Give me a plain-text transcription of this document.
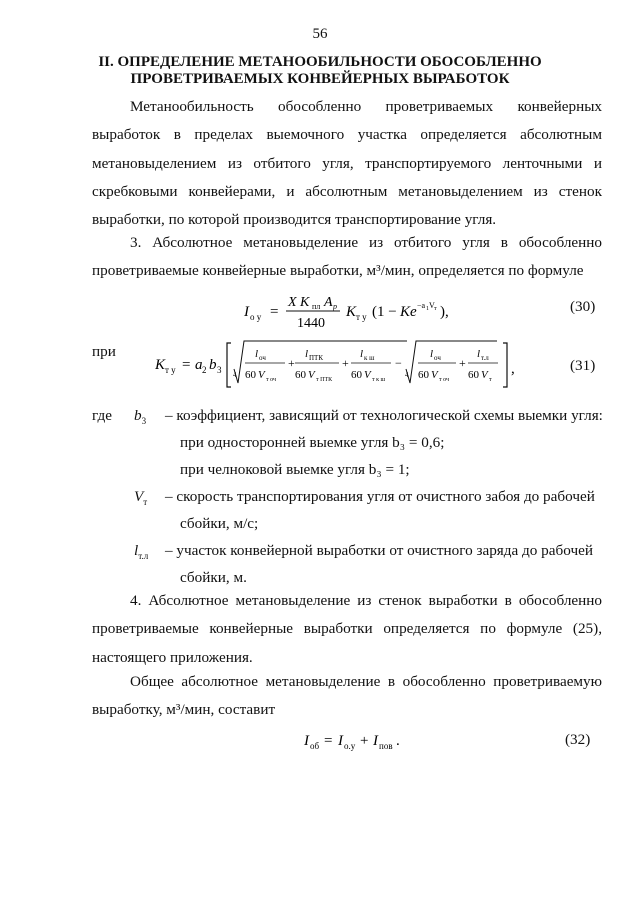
56
II. ОПРЕДЕЛЕНИЕ МЕТАНООБИЛЬНОСТИ ОБОСОБЛЕННО
ПРОВЕТРИВАЕМЫХ КОНВЕЙЕРНЫХ ВЫРАБОТОК
Метанообильность обособленно проветриваемых конвейерных
выработок в пределах выемочного участка определяется абсолютным
метановыделением из отбитого угля, транспортируемого ленточными и
скребковыми конвейерами, и абсолютным метановыделением из стенок
выработки, по которой производится транспортирование угля.
3. Абсолютное метановыделение из отбитого угля в обособленно
проветриваемые конвейерные выработки, м³/мин, определяется по формуле
I о у =
X K пл A р
1440
K т у (1 − Ke −a 1 V т ),	(30)
при
K т у = a 2 b 3 4
l оч
60 V т оч
+
l ПТК
60 V т ПТК
+
l к ш
60 V т к ш
−
4
l оч
60 V т оч
+
l т.л
60 V т
,	(31)
где $b_3$ – коэффициент, зависящий от технологической схемы выемки угля:
при односторонней выемке угля b₃ = 0,6;
при челноковой выемке угля b₃ = 1;
$V_т$ – скорость транспортирования угля от очистного забоя до рабочей
сбойки, м/с;
$l_{т.л}$ – участок конвейерной выработки от очистного заряда до рабочей
сбойки, м.
4. Абсолютное метановыделение из стенок выработки в обособленно
проветриваемые конвейерные выработки определяется по формуле (25),
настоящего приложения.
Общее абсолютное метановыделение в обособленно проветриваемую
выработку, м³/мин, составит
I об = I о.у + I пов .	(32)
